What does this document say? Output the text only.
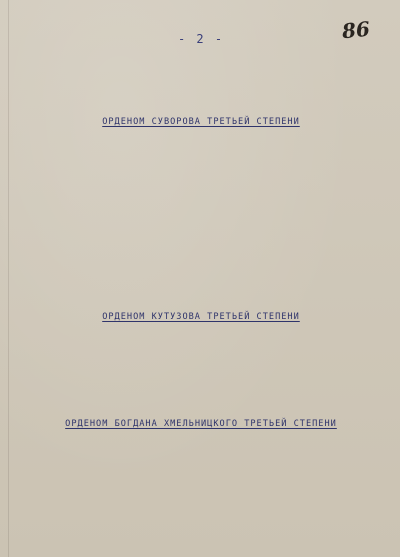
86
- 2 -
ОРДЕНОМ СУВОРОВА ТРЕТЬЕЙ СТЕПЕНИ
ОРДЕНОМ КУТУЗОВА ТРЕТЬЕЙ СТЕПЕНИ
ОРДЕНОМ БОГДАНА ХМЕЛЬНИЦКОГО ТРЕТЬЕЙ СТЕПЕНИ
